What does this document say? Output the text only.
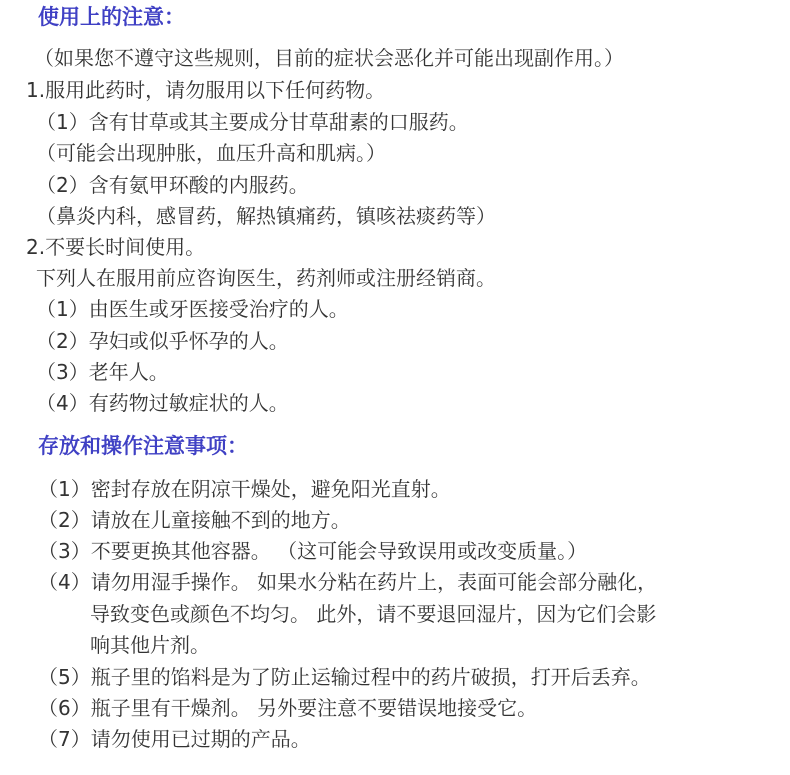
使用上的注意：
（如果您不遵守这些规则，目前的症状会恶化并可能出现副作用。）
1.服用此药时，请勿服用以下任何药物。
（1）含有甘草或其主要成分甘草甜素的口服药。
（可能会出现肿胀，血压升高和肌病。）
（2）含有氨甲环酸的内服药。
（鼻炎内科，感冒药，解热镇痛药，镇咳祛痰药等）
2.不要长时间使用。
下列人在服用前应咨询医生，药剂师或注册经销商。
（1）由医生或牙医接受治疗的人。
（2）孕妇或似乎怀孕的人。
（3）老年人。
（4）有药物过敏症状的人。
存放和操作注意事项：
（1）密封存放在阴凉干燥处，避免阳光直射。
（2）请放在儿童接触不到的地方。
（3）不要更换其他容器。 （这可能会导致误用或改变质量。）
（4）请勿用湿手操作。 如果水分粘在药片上，表面可能会部分融化，
导致变色或颜色不均匀。 此外，请不要退回湿片，因为它们会影
响其他片剂。
（5）瓶子里的馅料是为了防止运输过程中的药片破损，打开后丢弃。
（6）瓶子里有干燥剂。 另外要注意不要错误地接受它。
（7）请勿使用已过期的产品。
